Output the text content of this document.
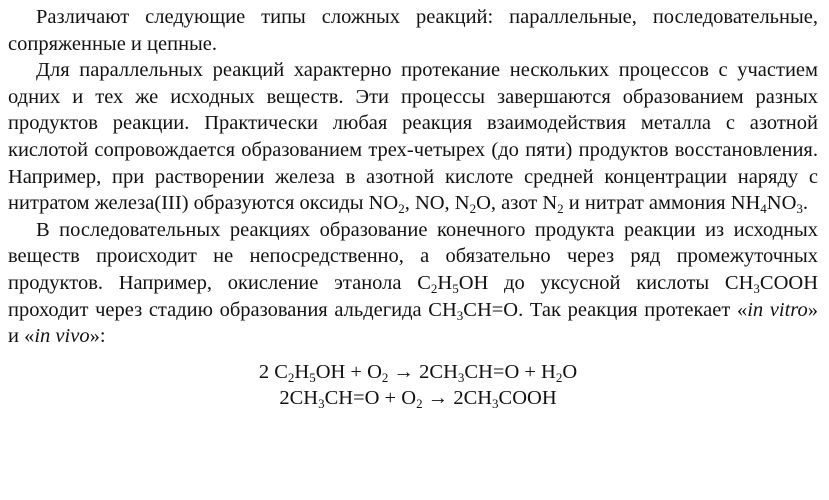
Различают следующие типы сложных реакций: параллельные, последовательные, сопряженные и цепные.

Для параллельных реакций характерно протекание нескольких процессов с участием одних и тех же исходных веществ. Эти процессы завершаются образованием разных продуктов реакции. Практически любая реакция взаимодействия металла с азотной кислотой сопровождается образованием трех-четырех (до пяти) продуктов восстановления. Например, при растворении железа в азотной кислоте средней концентрации наряду с нитратом железа(III) образуются оксиды $NO_2$, NO, $N_2O$, азот $N_2$ и нитрат аммония $NH_4NO_3$.

В последовательных реакциях образование конечного продукта реакции из исходных веществ происходит не непосредственно, а обязательно через ряд промежуточных продуктов. Например, окисление этанола $C_2H_5OH$ до уксусной кислоты $CH_3COOH$ проходит через стадию образования альдегида $CH_3CH=O$. Так реакция протекает «in vitro» и «in vivo»:

2 $C_2H_5OH + O_2 \to 2CH_3CH=O + H_2O$

$2CH_3CH=O + O_2$ → $2CH_3COOH$
